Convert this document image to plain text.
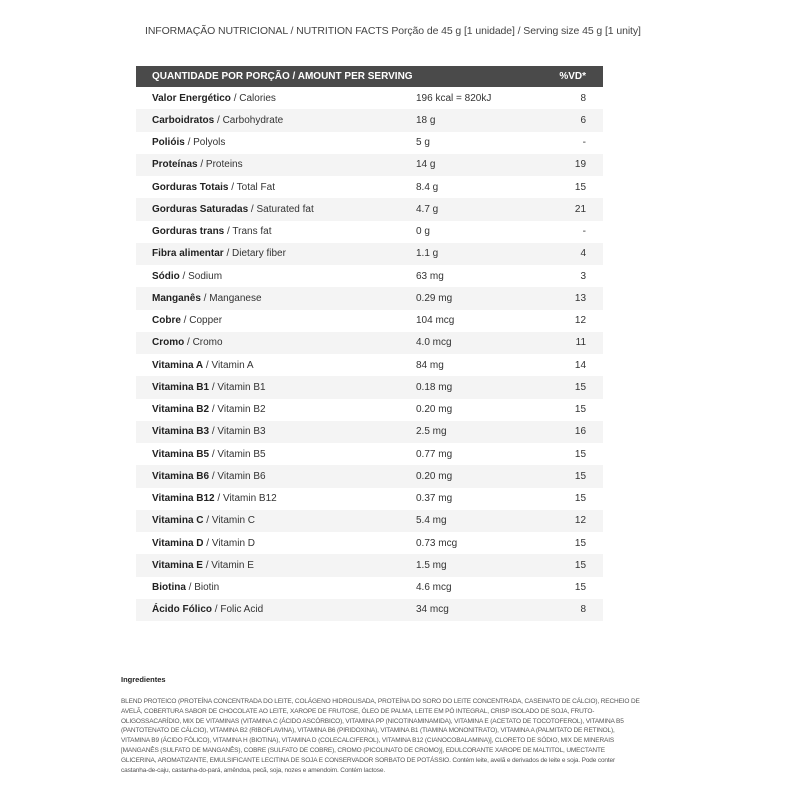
INFORMAÇÃO NUTRICIONAL / NUTRITION FACTS Porção de 45 g [1 unidade] / Serving size 45 g [1 unity]
QUANTIDADE POR PORÇÃO / AMOUNT PER SERVING		%VD*
Valor Energético / Calories	196 kcal = 820kJ	8
Carboidratos / Carbohydrate	18 g	6
Polióis / Polyols	5 g	-
Proteínas / Proteins	14 g	19
Gorduras Totais / Total Fat	8.4 g	15
Gorduras Saturadas / Saturated fat	4.7 g	21
Gorduras trans / Trans fat	0 g	-
Fibra alimentar / Dietary fiber	1.1 g	4
Sódio / Sodium	63 mg	3
Manganês / Manganese	0.29 mg	13
Cobre / Copper	104 mcg	12
Cromo / Cromo	4.0 mcg	11
Vitamina A / Vitamin A	84 mg	14
Vitamina B1 / Vitamin B1	0.18 mg	15
Vitamina B2 / Vitamin B2	0.20 mg	15
Vitamina B3 / Vitamin B3	2.5 mg	16
Vitamina B5 / Vitamin B5	0.77 mg	15
Vitamina B6 / Vitamin B6	0.20 mg	15
Vitamina B12 / Vitamin B12	0.37 mg	15
Vitamina C / Vitamin C	5.4 mg	12
Vitamina D / Vitamin D	0.73 mcg	15
Vitamina E / Vitamin E	1.5 mg	15
Biotina / Biotin	4.6 mcg	15
Ácido Fólico / Folic Acid	34 mcg	8
Ingredientes
BLEND PROTEICO (PROTEÍNA CONCENTRADA DO LEITE, COLÁGENO HIDROLISADA, PROTEÍNA DO SORO DO LEITE CONCENTRADA, CASEINATO DE CÁLCIO), RECHEIO DE AVELÃ, COBERTURA SABOR DE CHOCOLATE AO LEITE, XAROPE DE FRUTOSE, ÓLEO DE PALMA, LEITE EM PÓ INTEGRAL, CRISP ISOLADO DE SOJA, FRUTO-OLIGOSSACARÍDIO, MIX DE VITAMINAS (VITAMINA C (ÁCIDO ASCÓRBICO), VITAMINA PP (NICOTINAMINAMIDA), VITAMINA E (ACETATO DE TOCOTOFEROL), VITAMINA B5 (PANTOTENATO DE CÁLCIO), VITAMINA B2 (RIBOFLAVINA), VITAMINA B6 (PIRIDOXINA), VITAMINA B1 (TIAMINA MONONITRATO), VITAMINA A (PALMITATO DE RETINOL), VITAMINA B9 (ÁCIDO FÓLICO), VITAMINA H (BIOTINA), VITAMINA D (COLECALCIFEROL), VITAMINA B12 (CIANOCOBALAMINA)], CLORETO DE SÓDIO, MIX DE MINERAIS [MANGANÊS (SULFATO DE MANGANÊS), COBRE (SULFATO DE COBRE), CROMO (PICOLINATO DE CROMO)], EDULCORANTE XAROPE DE MALTITOL, UMECTANTE GLICERINA, AROMATIZANTE, EMULSIFICANTE LECITINA DE SOJA E CONSERVADOR SORBATO DE POTÁSSIO. Contém leite, avelã e derivados de leite e soja. Pode conter castanha-de-caju, castanha-do-pará, amêndoa, pecã, soja, nozes e amendoim. Contém lactose.
